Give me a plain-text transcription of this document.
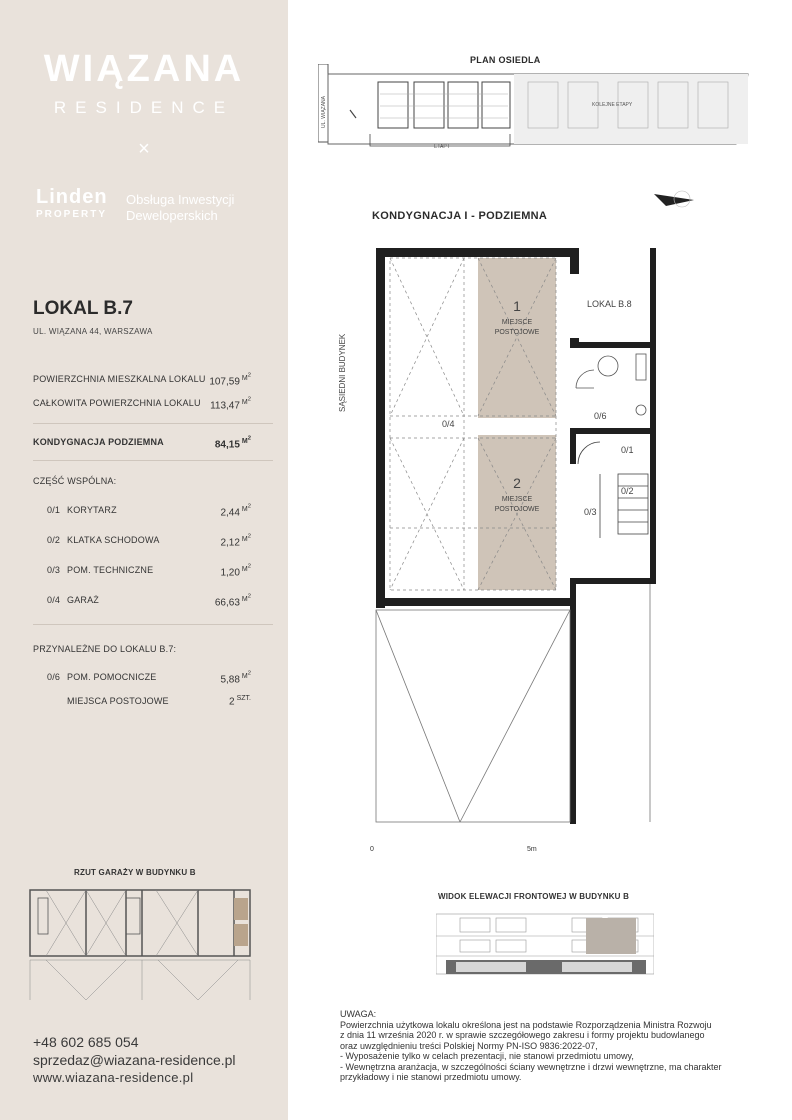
WIĄZANA
RESIDENCE
×
Linden
PROPERTY
Obsługa Inwestycji
Deweloperskich
LOKAL B.7
UL. WIĄZANA 44, WARSZAWA
POWIERZCHNIA MIESZKALNA LOKALU 107,59 $^{M^2}$
CAŁKOWITA POWIERZCHNIA LOKALU 113,47 $^{M^2}$
KONDYGNACJA PODZIEMNA	84,15 $^{M^2}$
CZĘŚĆ WSPÓLNA:
0/1 KORYTARZ	2,44 $^{M^2}$
0/2 KLATKA SCHODOWA	2,12 $^{M^2}$
0/3 POM. TECHNICZNE	1,20 $^{M^2}$
0/4 GARAŻ	66,63 $^{M^2}$
PRZYNALEŻNE DO LOKALU B.7:
0/6 POM. POMOCNICZE	5,88 $^{M^2}$
MIEJSCA POSTOJOWE	2 $^{SZT.}$
RZUT GARAŻY W BUDYNKU B
+48 602 685 054
sprzedaz@wiazana-residence.pl
www.wiazana-residence.pl
PLAN OSIEDLA
UL. WIĄZANA	KOLEJNE ETAPY
ETAP I
KONDYGNACJA I - PODZIEMNA
SĄSIEDNI BUDYNEK
LOKAL B.8
1
MIEJSCE
POSTOJOWE
2
MIEJSCE
POSTOJOWE
0/4
0/6
0/1
0/2
0/3
0	5m
WIDOK ELEWACJI FRONTOWEJ W BUDYNKU B
UWAGA:
Powierzchnia użytkowa lokalu określona jest na podstawie Rozporządzenia Ministra Rozwoju
z dnia 11 września 2020 r. w sprawie szczegółowego zakresu i formy projektu budowlanego
oraz uwzględnieniu treści Polskiej Normy PN-ISO 9836:2022-07,
- Wyposażenie tylko w celach prezentacji, nie stanowi przedmiotu umowy,
- Wewnętrzna aranżacja, w szczególności ściany wewnętrzne i drzwi wewnętrzne, ma charakter
przykładowy i nie stanowi przedmiotu umowy.
